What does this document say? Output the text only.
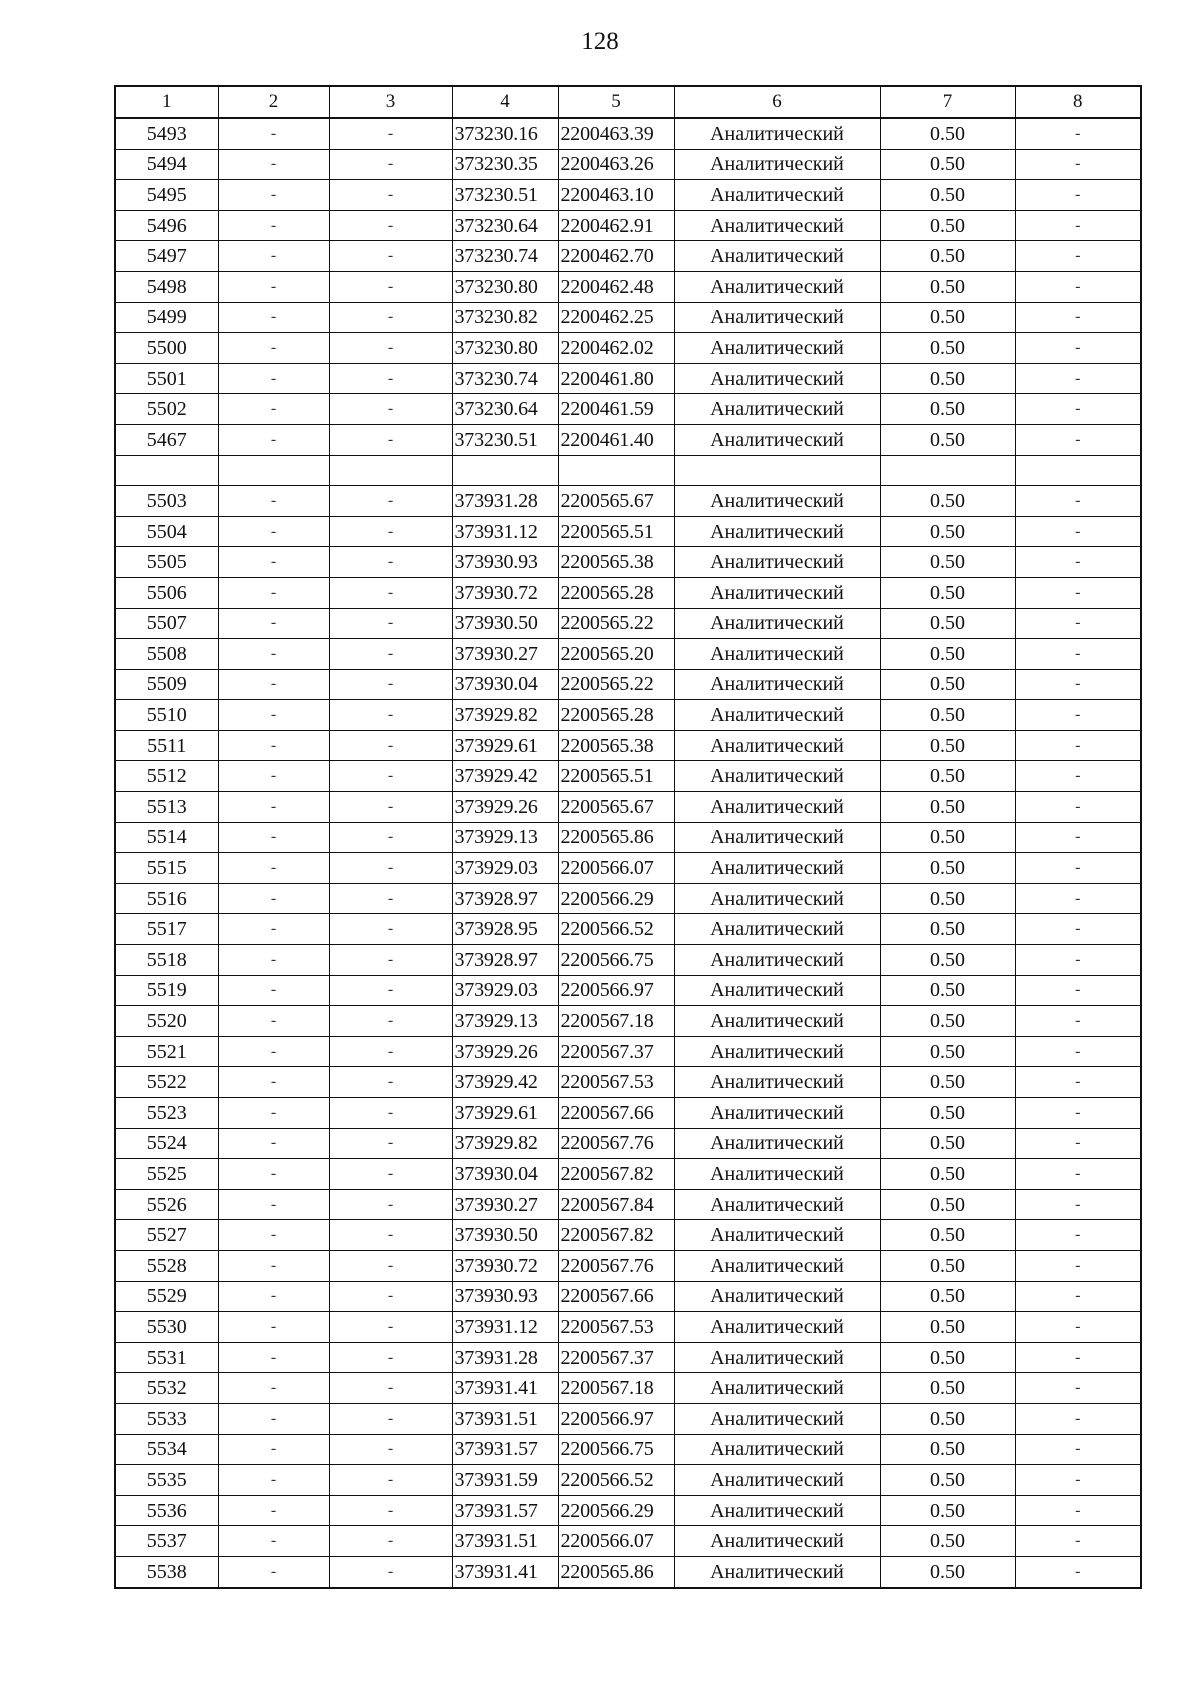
128
1	2	3	4	5	6	7	8
5493	-	-	373230.16	2200463.39	Аналитический	0.50	-
5494	-	-	373230.35	2200463.26	Аналитический	0.50	-
5495	-	-	373230.51	2200463.10	Аналитический	0.50	-
5496	-	-	373230.64	2200462.91	Аналитический	0.50	-
5497	-	-	373230.74	2200462.70	Аналитический	0.50	-
5498	-	-	373230.80	2200462.48	Аналитический	0.50	-
5499	-	-	373230.82	2200462.25	Аналитический	0.50	-
5500	-	-	373230.80	2200462.02	Аналитический	0.50	-
5501	-	-	373230.74	2200461.80	Аналитический	0.50	-
5502	-	-	373230.64	2200461.59	Аналитический	0.50	-
5467	-	-	373230.51	2200461.40	Аналитический	0.50	-

5503	-	-	373931.28	2200565.67	Аналитический	0.50	-
5504	-	-	373931.12	2200565.51	Аналитический	0.50	-
5505	-	-	373930.93	2200565.38	Аналитический	0.50	-
5506	-	-	373930.72	2200565.28	Аналитический	0.50	-
5507	-	-	373930.50	2200565.22	Аналитический	0.50	-
5508	-	-	373930.27	2200565.20	Аналитический	0.50	-
5509	-	-	373930.04	2200565.22	Аналитический	0.50	-
5510	-	-	373929.82	2200565.28	Аналитический	0.50	-
5511	-	-	373929.61	2200565.38	Аналитический	0.50	-
5512	-	-	373929.42	2200565.51	Аналитический	0.50	-
5513	-	-	373929.26	2200565.67	Аналитический	0.50	-
5514	-	-	373929.13	2200565.86	Аналитический	0.50	-
5515	-	-	373929.03	2200566.07	Аналитический	0.50	-
5516	-	-	373928.97	2200566.29	Аналитический	0.50	-
5517	-	-	373928.95	2200566.52	Аналитический	0.50	-
5518	-	-	373928.97	2200566.75	Аналитический	0.50	-
5519	-	-	373929.03	2200566.97	Аналитический	0.50	-
5520	-	-	373929.13	2200567.18	Аналитический	0.50	-
5521	-	-	373929.26	2200567.37	Аналитический	0.50	-
5522	-	-	373929.42	2200567.53	Аналитический	0.50	-
5523	-	-	373929.61	2200567.66	Аналитический	0.50	-
5524	-	-	373929.82	2200567.76	Аналитический	0.50	-
5525	-	-	373930.04	2200567.82	Аналитический	0.50	-
5526	-	-	373930.27	2200567.84	Аналитический	0.50	-
5527	-	-	373930.50	2200567.82	Аналитический	0.50	-
5528	-	-	373930.72	2200567.76	Аналитический	0.50	-
5529	-	-	373930.93	2200567.66	Аналитический	0.50	-
5530	-	-	373931.12	2200567.53	Аналитический	0.50	-
5531	-	-	373931.28	2200567.37	Аналитический	0.50	-
5532	-	-	373931.41	2200567.18	Аналитический	0.50	-
5533	-	-	373931.51	2200566.97	Аналитический	0.50	-
5534	-	-	373931.57	2200566.75	Аналитический	0.50	-
5535	-	-	373931.59	2200566.52	Аналитический	0.50	-
5536	-	-	373931.57	2200566.29	Аналитический	0.50	-
5537	-	-	373931.51	2200566.07	Аналитический	0.50	-
5538	-	-	373931.41	2200565.86	Аналитический	0.50	-
